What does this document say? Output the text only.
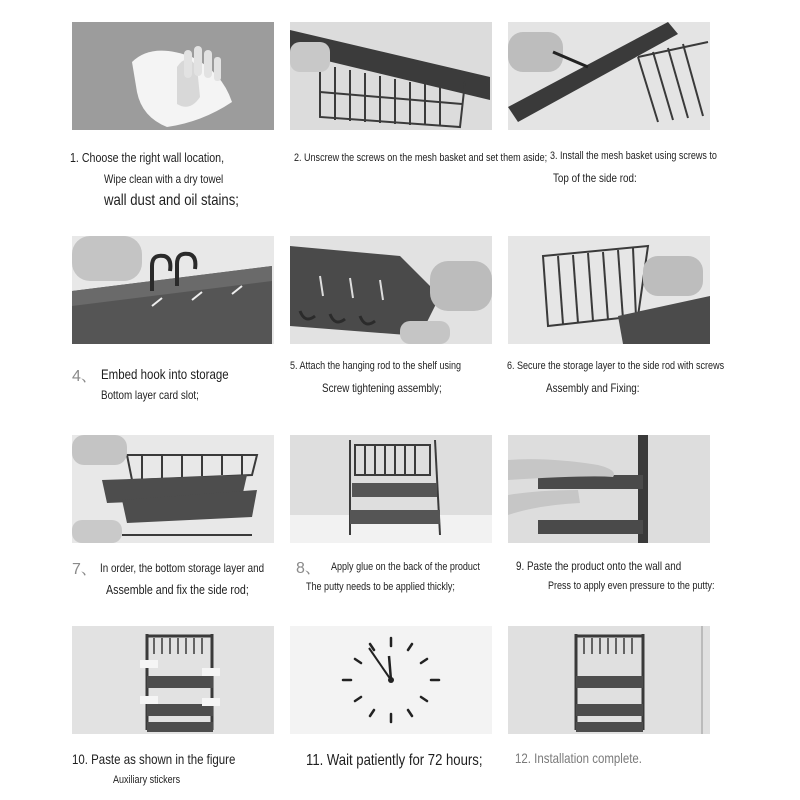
1. Choose the right wall location,
Wipe clean with a dry towel
wall dust and oil stains;
2. Unscrew the screws on the mesh basket and set them aside; 3. Install the mesh basket using screws to
Top of the side rod:
4、 Embed hook into storage
Bottom layer card slot;
5. Attach the hanging rod to the shelf using
Screw tightening assembly;
6. Secure the storage layer to the side rod with screws
Assembly and Fixing:
7、 In order, the bottom storage layer and
Assemble and fix the side rod;
8、 Apply glue on the back of the product
The putty needs to be applied thickly;
9. Paste the product onto the wall and
Press to apply even pressure to the putty:
10. Paste as shown in the figure
Auxiliary stickers
11. Wait patiently for 72 hours; 12. Installation complete.
